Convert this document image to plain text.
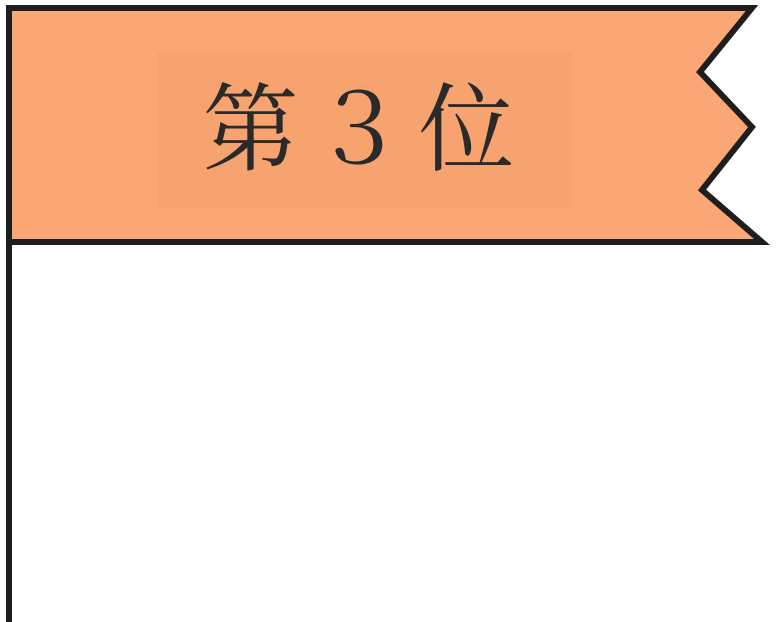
第３位
